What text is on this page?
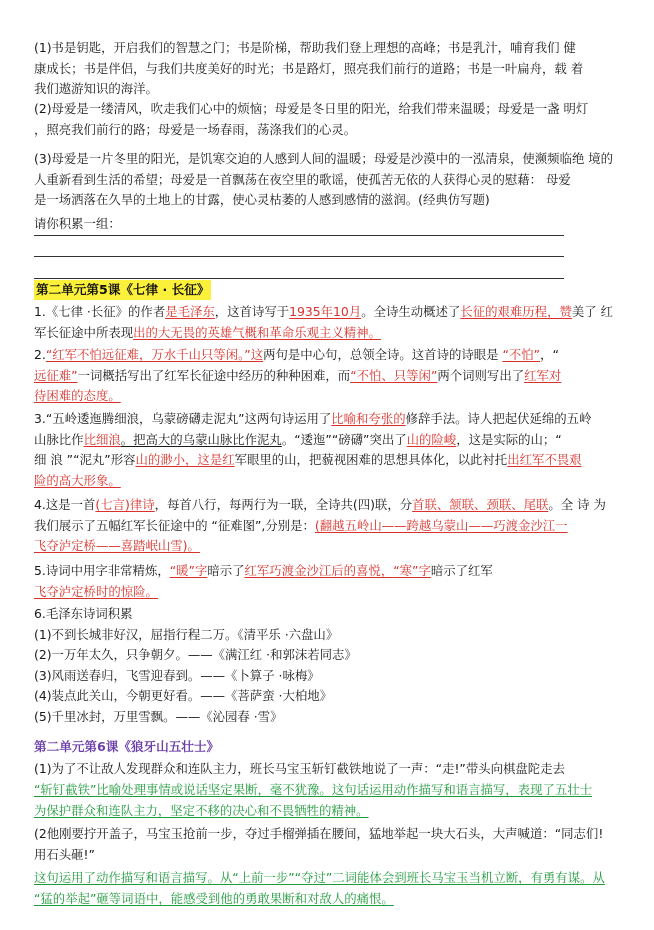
(1)书是钥匙，开启我们的智慧之门；书是阶梯，帮助我们登上理想的高峰；书是乳汁，哺育我们 健
康成长；书是伴侣，与我们共度美好的时光；书是路灯，照亮我们前行的道路；书是一叶扁舟，载 着
我们遨游知识的海洋。
(2)母爱是一缕清风，吹走我们心中的烦恼；母爱是冬日里的阳光，给我们带来温暖；母爱是一盏 明灯
，照亮我们前行的路；母爱是一场春雨，荡涤我们的心灵。
(3)母爱是一片冬里的阳光，是饥寒交迫的人感到人间的温暖；母爱是沙漠中的一泓清泉，使濒频临绝 境的
人重新看到生活的希望；母爱是一首飘荡在夜空里的歌谣，使孤苦无依的人获得心灵的慰藉： 母爱
是一场洒落在久旱的土地上的甘露，使心灵枯萎的人感到感情的滋润。(经典仿写题)
请你积累一组：
第二单元第5课《七律 · 长征》
1.《七律 ·长征》的作者是毛泽东，这首诗写于1935年10月。全诗生动概述了长征的艰难历程，赞美了 红
军长征途中所表现出的大无畏的英雄气概和革命乐观主义精神。
2.“红军不怕远征难，万水千山只等闲。”这两句是中心句，总领全诗。这首诗的诗眼是 “不怕”，“
远征难”一词概括写出了红军长征途中经历的种种困难，而“不怕、只等闲”两个词则写出了红军对
待困难的态度。
3.“五岭逶迤腾细浪，乌蒙磅礴走泥丸”这两句诗运用了比喻和夸张的修辞手法。诗人把起伏延绵的五岭
山脉比作比细浪。把高大的乌蒙山脉比作泥丸。“逶迤”“磅礴”突出了山的险峻，这是实际的山；“
细 浪 ”“泥丸”形容山的渺小，这是红军眼里的山，把藐视困难的思想具体化，以此衬托出红军不畏艰
险的高大形象。
4.这是一首(七言)律诗，每首八行，每两行为一联，全诗共(四)联，分首联、颔联、颈联、尾联。全 诗 为
我们展示了五幅红军长征途中的 “征难图”,分别是：(翻越五岭山——跨越乌蒙山——巧渡金沙江一
飞夺泸定桥——喜踏岷山雪)。
5.诗词中用字非常精炼，“暖”字暗示了红军巧渡金沙江后的喜悦，“寒”字暗示了红军
飞夺泸定桥时的惊险。
6.毛泽东诗词积累
(1)不到长城非好汉，屈指行程二万。《清平乐 ·六盘山》
(2)一万年太久，只争朝夕。——《满江红 ·和郭沫若同志》
(3)风雨送春归，飞雪迎春到。——《卜算子 ·咏梅》
(4)装点此关山，今朝更好看。——《菩萨蛮 ·大柏地》
(5)千里冰封，万里雪飘。——《沁园春 ·雪》
第二单元第6课《狼牙山五壮士》
(1)为了不让敌人发现群众和连队主力，班长马宝玉斩钉截铁地说了一声：“走!”带头向棋盘陀走去
“斩钉截铁”比喻处理事情或说话坚定果断，毫不犹豫。这句话运用动作描写和语言描写，表现了五壮士
为保护群众和连队主力，坚定不移的决心和不畏牺牲的精神。
(2他刚要拧开盖子，马宝玉抢前一步，夺过手榴弹插在腰间，猛地举起一块大石头，大声喊道：“同志们!
用石头砸!”
这句运用了动作描写和语言描写。从“上前一步”“夺过”二词能体会到班长马宝玉当机立断，有勇有谋。从
“猛的举起”砸等词语中，能感受到他的勇敢果断和对敌人的痛恨。
